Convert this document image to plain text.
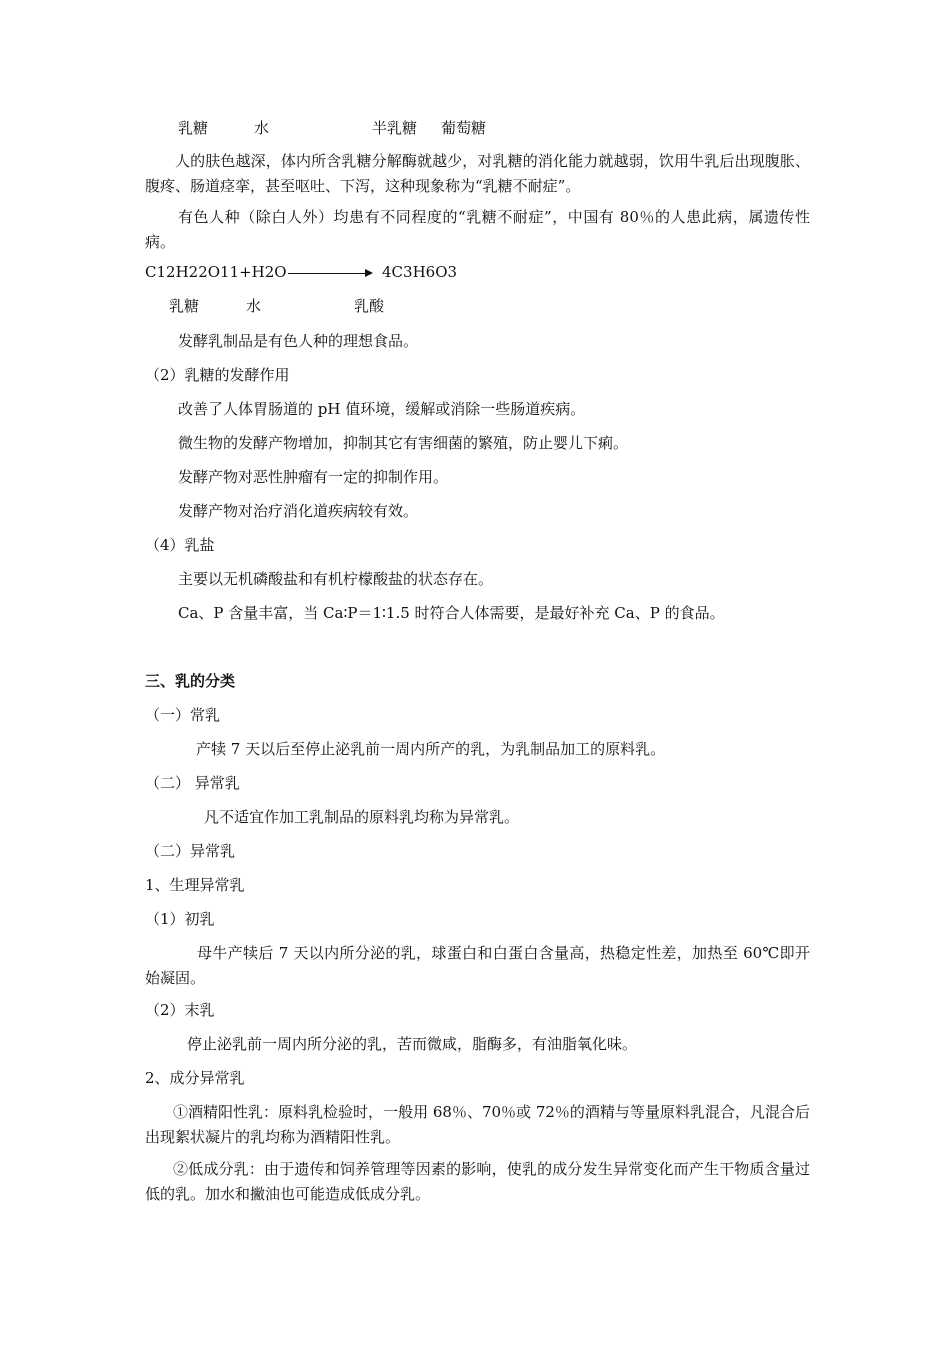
乳糖	水	半乳糖 葡萄糖
人的肤色越深，体内所含乳糖分解酶就越少，对乳糖的消化能力就越弱，饮用牛乳后出现腹胀、腹疼、肠道痉挛，甚至呕吐、下泻，这种现象称为“乳糖不耐症”。
有色人种（除白人外）均患有不同程度的“乳糖不耐症”，中国有 80％的人患此病，属遗传性病。
C12H22O11+H2O	4C3H6O3
乳糖	水	乳酸
发酵乳制品是有色人种的理想食品。
（2）乳糖的发酵作用
改善了人体胃肠道的 pH 值环境，缓解或消除一些肠道疾病。
微生物的发酵产物增加，抑制其它有害细菌的繁殖，防止婴儿下痢。
发酵产物对恶性肿瘤有一定的抑制作用。
发酵产物对治疗消化道疾病较有效。
（4）乳盐
主要以无机磷酸盐和有机柠檬酸盐的状态存在。
Ca、P 含量丰富，当 Ca∶P＝1∶1.5 时符合人体需要，是最好补充 Ca、P 的食品。
三、乳的分类
（一）常乳
产犊 7 天以后至停止泌乳前一周内所产的乳，为乳制品加工的原料乳。
（二） 异常乳
凡不适宜作加工乳制品的原料乳均称为异常乳。
（二）异常乳
1、生理异常乳
（1）初乳
母牛产犊后 7 天以内所分泌的乳，球蛋白和白蛋白含量高，热稳定性差，加热至 60℃即开始凝固。
（2）末乳
停止泌乳前一周内所分泌的乳，苦而微咸，脂酶多，有油脂氧化味。
2、成分异常乳
①酒精阳性乳：原料乳检验时，一般用 68％、70％或 72％的酒精与等量原料乳混合，凡混合后出现絮状凝片的乳均称为酒精阳性乳。
②低成分乳：由于遗传和饲养管理等因素的影响，使乳的成分发生异常变化而产生干物质含量过低的乳。加水和撇油也可能造成低成分乳。
